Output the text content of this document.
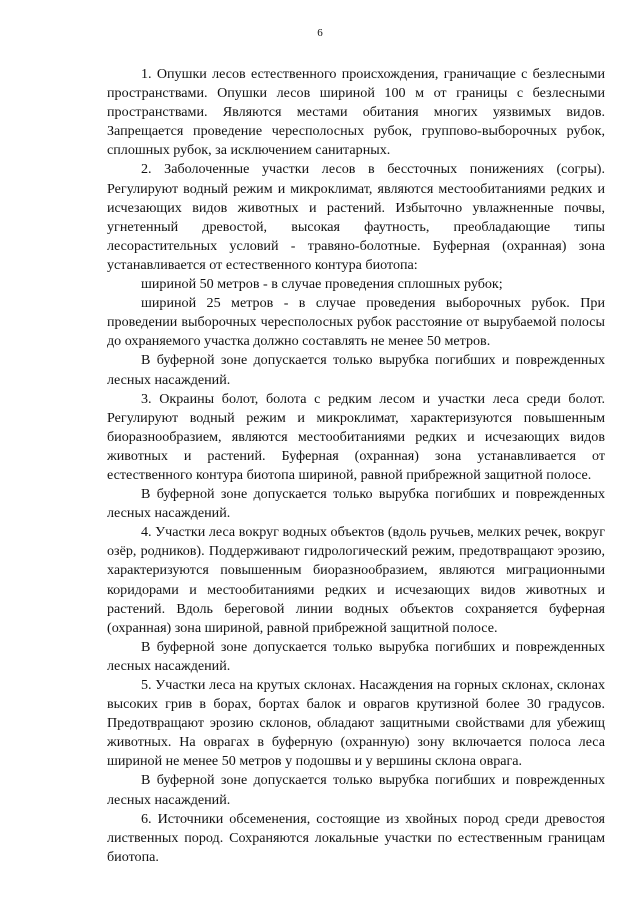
6

1. Опушки лесов естественного происхождения, граничащие с безлесными пространствами. Опушки лесов шириной 100 м от границы с безлесными пространствами. Являются местами обитания многих уязвимых видов. Запрещается проведение чересполосных рубок, группово-выборочных рубок, сплошных рубок, за исключением санитарных.

2. Заболоченные участки лесов в бессточных понижениях (согры). Регулируют водный режим и микроклимат, являются местообитаниями редких и исчезающих видов животных и растений. Избыточно увлажненные почвы, угнетенный древостой, высокая фаутность, преобладающие типы лесорастительных условий - травяно-болотные. Буферная (охранная) зона устанавливается от естественного контура биотопа:

шириной 50 метров - в случае проведения сплошных рубок;

шириной 25 метров - в случае проведения выборочных рубок. При проведении выборочных чересполосных рубок расстояние от вырубаемой полосы до охраняемого участка должно составлять не менее 50 метров.

В буферной зоне допускается только вырубка погибших и поврежденных лесных насаждений.

3. Окраины болот, болота с редким лесом и участки леса среди болот. Регулируют водный режим и микроклимат, характеризуются повышенным биоразнообразием, являются местообитаниями редких и исчезающих видов животных и растений. Буферная (охранная) зона устанавливается от естественного контура биотопа шириной, равной прибрежной защитной полосе.

В буферной зоне допускается только вырубка погибших и поврежденных лесных насаждений.

4. Участки леса вокруг водных объектов (вдоль ручьев, мелких речек, вокруг озёр, родников). Поддерживают гидрологический режим, предотвращают эрозию, характеризуются повышенным биоразнообразием, являются миграционными коридорами и местообитаниями редких и исчезающих видов животных и растений. Вдоль береговой линии водных объектов сохраняется буферная (охранная) зона шириной, равной прибрежной защитной полосе.

В буферной зоне допускается только вырубка погибших и поврежденных лесных насаждений.

5. Участки леса на крутых склонах. Насаждения на горных склонах, склонах высоких грив в борах, бортах балок и оврагов крутизной более 30 градусов. Предотвращают эрозию склонов, обладают защитными свойствами для убежищ животных. На оврагах в буферную (охранную) зону включается полоса леса шириной не менее 50 метров у подошвы и у вершины склона оврага.

В буферной зоне допускается только вырубка погибших и поврежденных лесных насаждений.

6. Источники обсеменения, состоящие из хвойных пород среди древостоя лиственных пород. Сохраняются локальные участки по естественным границам биотопа.
